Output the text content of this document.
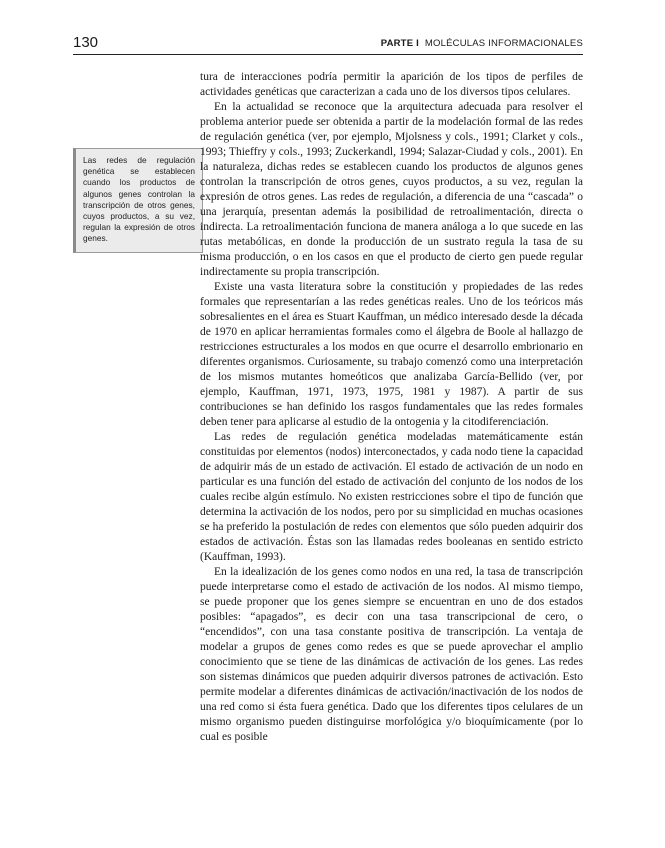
130	PARTE I MOLÉCULAS INFORMACIONALES
Las redes de regulación genética se establecen cuando los productos de algunos genes controlan la transcripción de otros genes, cuyos productos, a su vez, regulan la expresión de otros genes.

tura de interacciones podría permitir la aparición de los tipos de perfiles de actividades genéticas que caracterizan a cada uno de los diversos tipos celulares.

En la actualidad se reconoce que la arquitectura adecuada para resolver el problema anterior puede ser obtenida a partir de la modelación formal de las redes de regulación genética (ver, por ejemplo, Mjolsness y cols., 1991; Clarket y cols., 1993; Thieffry y cols., 1993; Zuckerkandl, 1994; Salazar-Ciudad y cols., 2001). En la naturaleza, dichas redes se establecen cuando los productos de algunos genes controlan la transcripción de otros genes, cuyos productos, a su vez, regulan la expresión de otros genes. Las redes de regulación, a diferencia de una “cascada” o una jerarquía, presentan además la posibilidad de retroalimentación, directa o indirecta. La retroalimentación funciona de manera análoga a lo que sucede en las rutas metabólicas, en donde la producción de un sustrato regula la tasa de su misma producción, o en los casos en que el producto de cierto gen puede regular indirectamente su propia transcripción.

Existe una vasta literatura sobre la constitución y propiedades de las redes formales que representarían a las redes genéticas reales. Uno de los teóricos más sobresalientes en el área es Stuart Kauffman, un médico interesado desde la década de 1970 en aplicar herramientas formales como el álgebra de Boole al hallazgo de restricciones estructurales a los modos en que ocurre el desarrollo embrionario en diferentes organismos. Curiosamente, su trabajo comenzó como una interpretación de los mismos mutantes homeóticos que analizaba García-Bellido (ver, por ejemplo, Kauffman, 1971, 1973, 1975, 1981 y 1987). A partir de sus contribuciones se han definido los rasgos fundamentales que las redes formales deben tener para aplicarse al estudio de la ontogenia y la citodiferenciación.

Las redes de regulación genética modeladas matemáticamente están constituidas por elementos (nodos) interconectados, y cada nodo tiene la capacidad de adquirir más de un estado de activación. El estado de activación de un nodo en particular es una función del estado de activación del conjunto de los nodos de los cuales recibe algún estímulo. No existen restricciones sobre el tipo de función que determina la activación de los nodos, pero por su simplicidad en muchas ocasiones se ha preferido la postulación de redes con elementos que sólo pueden adquirir dos estados de activación. Éstas son las llamadas redes booleanas en sentido estricto (Kauffman, 1993).

En la idealización de los genes como nodos en una red, la tasa de transcripción puede interpretarse como el estado de activación de los nodos. Al mismo tiempo, se puede proponer que los genes siempre se encuentran en uno de dos estados posibles: “apagados”, es decir con una tasa transcripcional de cero, o “encendidos”, con una tasa constante positiva de transcripción. La ventaja de modelar a grupos de genes como redes es que se puede aprovechar el amplio conocimiento que se tiene de las dinámicas de activación de los genes. Las redes son sistemas dinámicos que pueden adquirir diversos patrones de activación. Esto permite modelar a diferentes dinámicas de activación/inactivación de los nodos de una red como si ésta fuera genética. Dado que los diferentes tipos celulares de un mismo organismo pueden distinguirse morfológica y/o bioquímicamente (por lo cual es posible
